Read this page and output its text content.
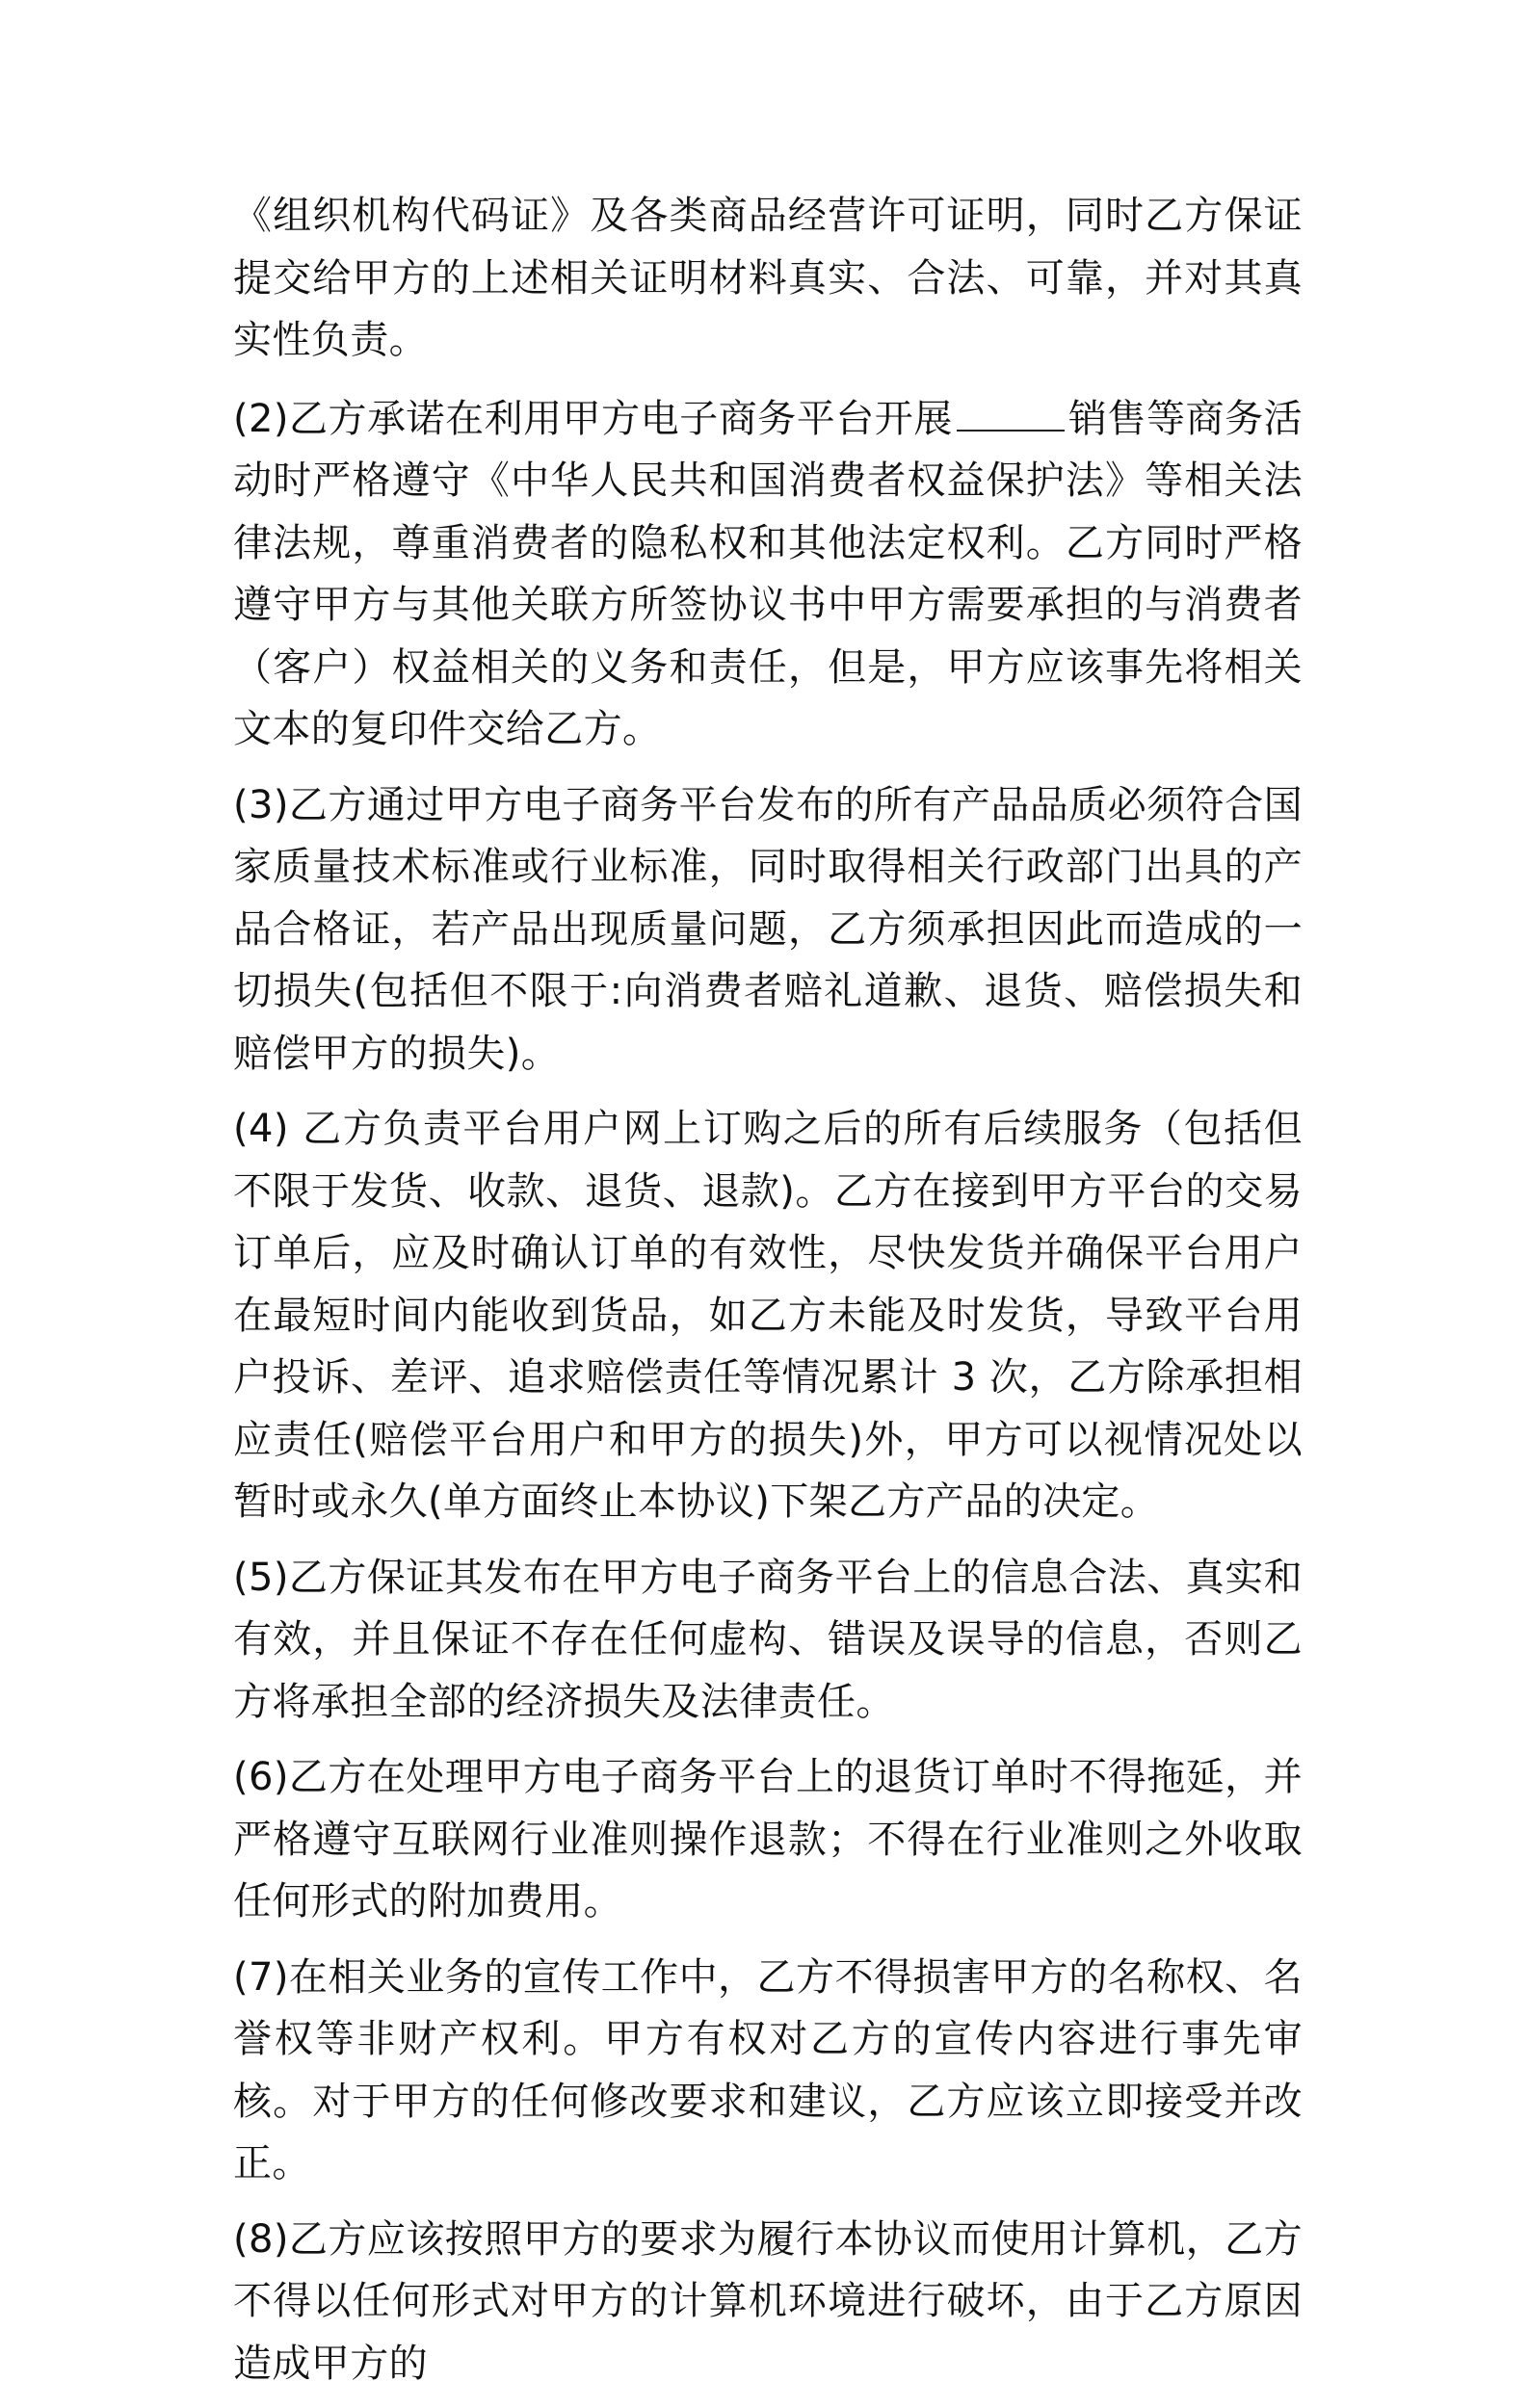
《组织机构代码证》及各类商品经营许可证明，同时乙方保证提交给甲方的上述相关证明材料真实、合法、可靠，并对其真实性负责。

(2)乙方承诺在利用甲方电子商务平台开展	销售等商务活动时严格遵守《中华人民共和国消费者权益保护法》等相关法律法规，尊重消费者的隐私权和其他法定权利。乙方同时严格遵守甲方与其他关联方所签协议书中甲方需要承担的与消费者（客户）权益相关的义务和责任，但是，甲方应该事先将相关文本的复印件交给乙方。

(3)乙方通过甲方电子商务平台发布的所有产品品质必须符合国家质量技术标准或行业标准，同时取得相关行政部门出具的产品合格证，若产品出现质量问题，乙方须承担因此而造成的一切损失(包括但不限于:向消费者赔礼道歉、退货、赔偿损失和赔偿甲方的损失)。

(4) 乙方负责平台用户网上订购之后的所有后续服务（包括但不限于发货、收款、退货、退款)。乙方在接到甲方平台的交易订单后，应及时确认订单的有效性，尽快发货并确保平台用户在最短时间内能收到货品，如乙方未能及时发货，导致平台用户投诉、差评、追求赔偿责任等情况累计 3 次，乙方除承担相应责任(赔偿平台用户和甲方的损失)外，甲方可以视情况处以暂时或永久(单方面终止本协议)下架乙方产品的决定。

(5)乙方保证其发布在甲方电子商务平台上的信息合法、真实和有效，并且保证不存在任何虚构、错误及误导的信息，否则乙方将承担全部的经济损失及法律责任。

(6)乙方在处理甲方电子商务平台上的退货订单时不得拖延，并严格遵守互联网行业准则操作退款；不得在行业准则之外收取任何形式的附加费用。

(7)在相关业务的宣传工作中，乙方不得损害甲方的名称权、名誉权等非财产权利。甲方有权对乙方的宣传内容进行事先审核。对于甲方的任何修改要求和建议，乙方应该立即接受并改正。

(8)乙方应该按照甲方的要求为履行本协议而使用计算机，乙方不得以任何形式对甲方的计算机环境进行破坏，由于乙方原因造成甲方的
